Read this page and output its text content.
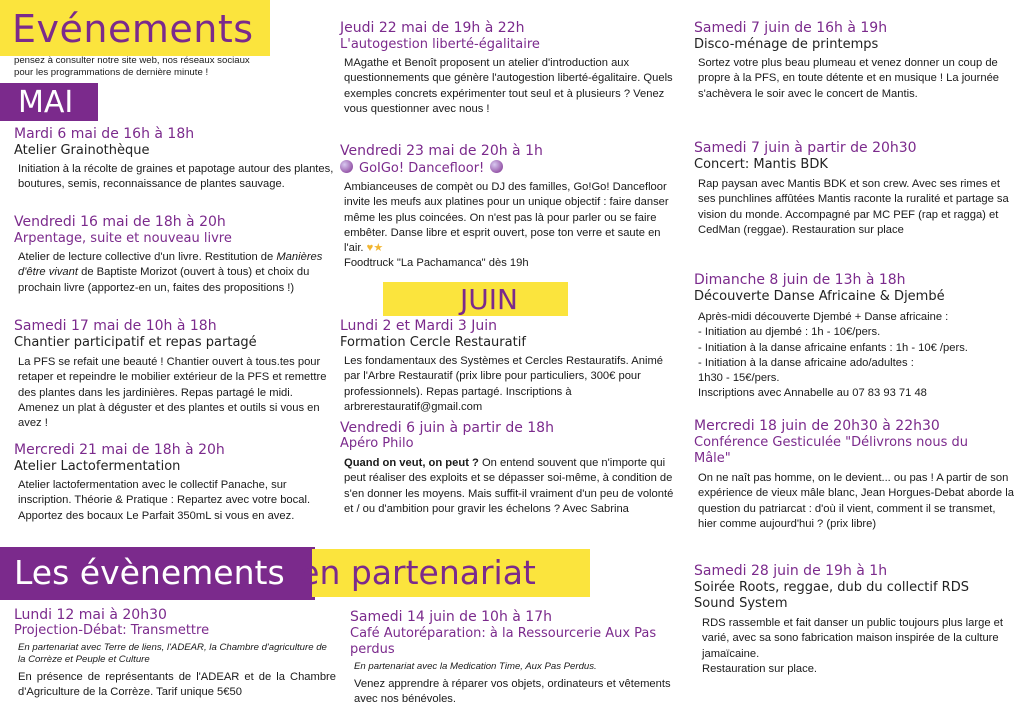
Evénements
pensez à consulter notre site web, nos réseaux sociaux
pour les programmations de dernière minute !
MAI
Mardi 6 mai de 16h à 18h
Atelier Grainothèque
Initiation à la récolte de graines et papotage autour des plantes, boutures, semis, reconnaissance de plantes sauvage.
Vendredi 16 mai de 18h à 20h
Arpentage, suite et nouveau livre
Atelier de lecture collective d'un livre. Restitution de Manières d'être vivant de Baptiste Morizot (ouvert à tous) et choix du prochain livre (apportez-en un, faites des propositions !)
Samedi 17 mai de 10h à 18h
Chantier participatif et repas partagé
La PFS se refait une beauté ! Chantier ouvert à tous.tes pour retaper et repeindre le mobilier extérieur de la PFS et remettre des plantes dans les jardinières. Repas partagé le midi. Amenez un plat à déguster et des plantes et outils si vous en avez !
Mercredi 21 mai de 18h à 20h
Atelier Lactofermentation
Atelier lactofermentation avec le collectif Panache, sur inscription. Théorie & Pratique : Repartez avec votre bocal. Apportez des bocaux Le Parfait 350mL si vous en avez.
Jeudi 22 mai de 19h à 22h
L'autogestion liberté-égalitaire
MAgathe et Benoît proposent un atelier d'introduction aux questionnements que génère l'autogestion liberté-égalitaire. Quels exemples concrets expérimenter tout seul et à plusieurs ? Venez vous questionner avec nous !
Vendredi 23 mai de 20h à 1h
GoIGo! Dancefloor!
Ambianceuses de compèt ou DJ des familles, Go!Go! Dancefloor invite les meufs aux platines pour un unique objectif : faire danser même les plus coincées. On n'est pas là pour parler ou se faire embêter. Danse libre et esprit ouvert, pose ton verre et saute en l'air. ♥★
Foodtruck "La Pachamanca" dès 19h
JUIN
Lundi 2 et Mardi 3 Juin
Formation Cercle Restauratif
Les fondamentaux des Systèmes et Cercles Restauratifs. Animé par l'Arbre Restauratif (prix libre pour particuliers, 300€ pour professionnels). Repas partagé. Inscriptions à arbrerestauratif@gmail.com
Vendredi 6 juin à partir de 18h
Apéro Philo
Quand on veut, on peut ? On entend souvent que n'importe qui peut réaliser des exploits et se dépasser soi-même, à condition de s'en donner les moyens. Mais suffit-il vraiment d'un peu de volonté et / ou d'ambition pour gravir les échelons ? Avec Sabrina
Samedi 7 juin de 16h à 19h
Disco-ménage de printemps
Sortez votre plus beau plumeau et venez donner un coup de propre à la PFS, en toute détente et en musique ! La journée s'achèvera le soir avec le concert de Mantis.
Samedi 7 juin à partir de 20h30
Concert: Mantis BDK
Rap paysan avec Mantis BDK et son crew. Avec ses rimes et ses punchlines affûtées Mantis raconte la ruralité et partage sa vision du monde. Accompagné par MC PEF (rap et ragga) et CedMan (reggae). Restauration sur place
Dimanche 8 juin de 13h à 18h
Découverte Danse Africaine & Djembé
Après-midi découverte Djembé + Danse africaine :
- Initiation au djembé : 1h - 10€/pers.
- Initiation à la danse africaine enfants : 1h - 10€ /pers.
- Initiation à la danse africaine ado/adultes :
1h30 - 15€/pers.
Inscriptions avec Annabelle au 07 83 93 71 48
Mercredi 18 juin de 20h30 à 22h30
Conférence Gesticulée "Délivrons nous du Mâle"
On ne naît pas homme, on le devient... ou pas ! A partir de son expérience de vieux mâle blanc, Jean Horgues-Debat aborde la question du patriarcat : d'où il vient, comment il se transmet, hier comme aujourd'hui ? (prix libre)
Samedi 28 juin de 19h à 1h
Soirée Roots, reggae, dub du collectif RDS Sound System
RDS rassemble et fait danser un public toujours plus large et varié, avec sa sono fabrication maison inspirée de la culture jamaïcaine.
Restauration sur place.
Les évènements en partenariat
Lundi 12 mai à 20h30
Projection-Débat: Transmettre
En partenariat avec Terre de liens, l'ADEAR, la Chambre d'agriculture de la Corrèze et Peuple et Culture
En présence de représentants de l'ADEAR et de la Chambre d'Agriculture de la Corrèze. Tarif unique 5€50
Samedi 14 juin de 10h à 17h
Café Autoréparation: à la Ressourcerie Aux Pas perdus
En partenariat avec la Medication Time, Aux Pas Perdus.
Venez apprendre à réparer vos objets, ordinateurs et vêtements avec nos bénévoles.
